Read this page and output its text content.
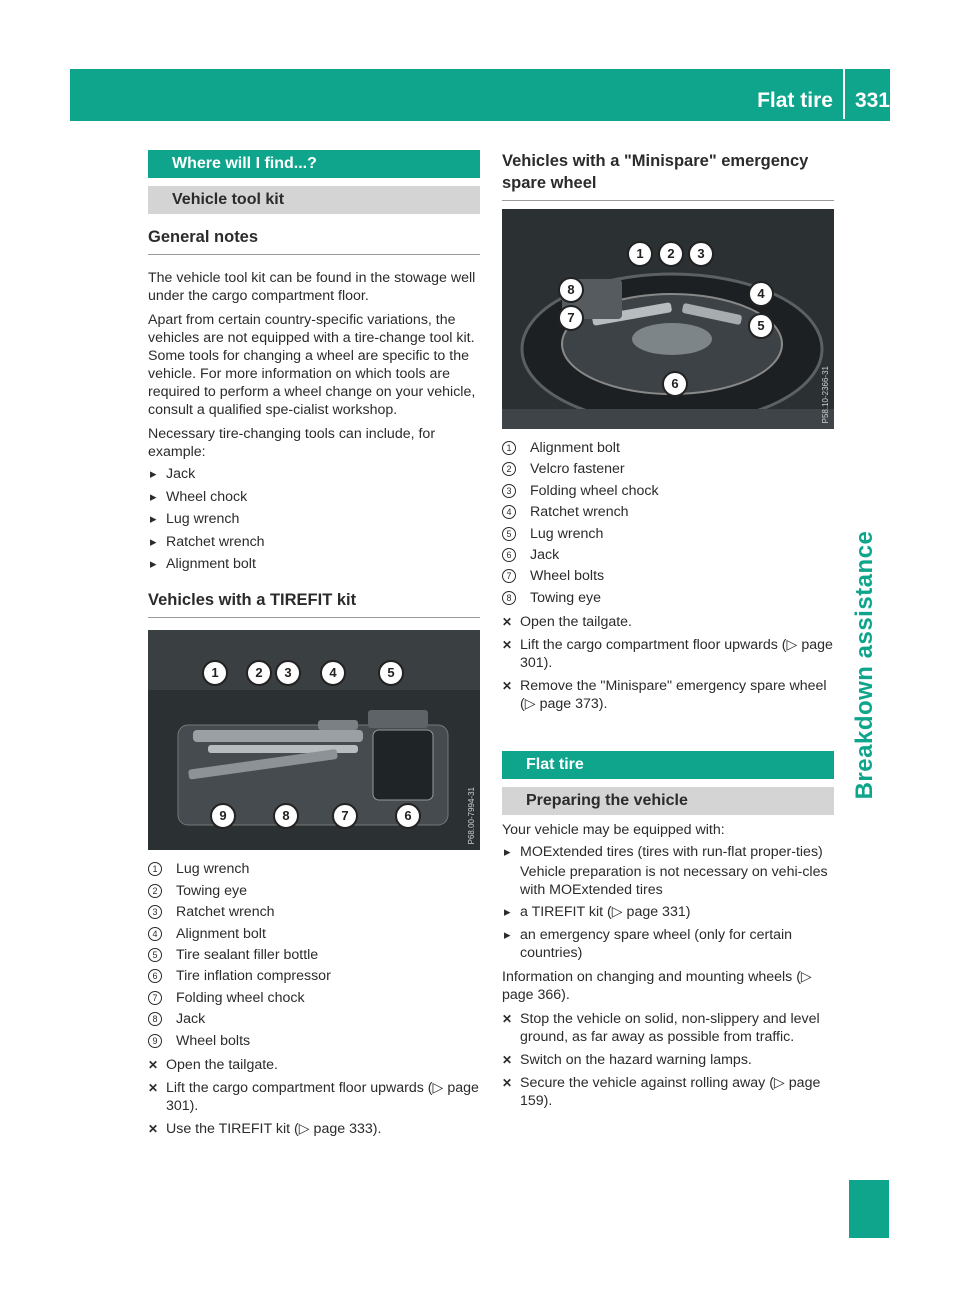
Flat tire 331
Breakdown assistance
Where will I find...?
Vehicle tool kit
General notes

The vehicle tool kit can be found in the stowage well under the cargo compartment floor.

Apart from certain country-specific variations, the vehicles are not equipped with a tire-change tool kit. Some tools for changing a wheel are specific to the vehicle. For more information on which tools are required to perform a wheel change on your vehicle, consult a qualified spe-cialist workshop.

Necessary tire-changing tools can include, for example:

▸ Jack
▸ Wheel chock
▸ Lug wrench
▸ Ratchet wrench
▸ Alignment bolt
Vehicles with a TIREFIT kit
1	2	3	4	5
6
7
8
9	P68.00-7994-31
1	Lug wrench
2	Towing eye
3	Ratchet wrench
4	Alignment bolt
5	Tire sealant filler bottle
6	Tire inflation compressor
7	Folding wheel chock
8	Jack
9	Wheel bolts
✕ Open the tailgate.
✕ Lift the cargo compartment floor upwards (▷ page 301).
✕ Use the TIREFIT kit (▷ page 333).
Vehicles with a "Minispare" emergency spare wheel
1	2	3
4
5
6
7
8
P58.10-2366-31
1	Alignment bolt
2	Velcro fastener
3	Folding wheel chock
4	Ratchet wrench
5	Lug wrench
6	Jack
7	Wheel bolts
8	Towing eye
✕ Open the tailgate.
✕ Lift the cargo compartment floor upwards (▷ page 301).
✕ Remove the "Minispare" emergency spare wheel (▷ page 373).
Flat tire
Preparing the vehicle

Your vehicle may be equipped with:

▸ MOExtended tires (tires with run-flat proper-ties)
Vehicle preparation is not necessary on vehi-cles with MOExtended tires
▸ a TIREFIT kit (▷ page 331)
▸ an emergency spare wheel (only for certain countries)

Information on changing and mounting wheels (▷ page 366).

✕ Stop the vehicle on solid, non-slippery and level ground, as far away as possible from traffic.
✕ Switch on the hazard warning lamps.
✕ Secure the vehicle against rolling away (▷ page 159).
